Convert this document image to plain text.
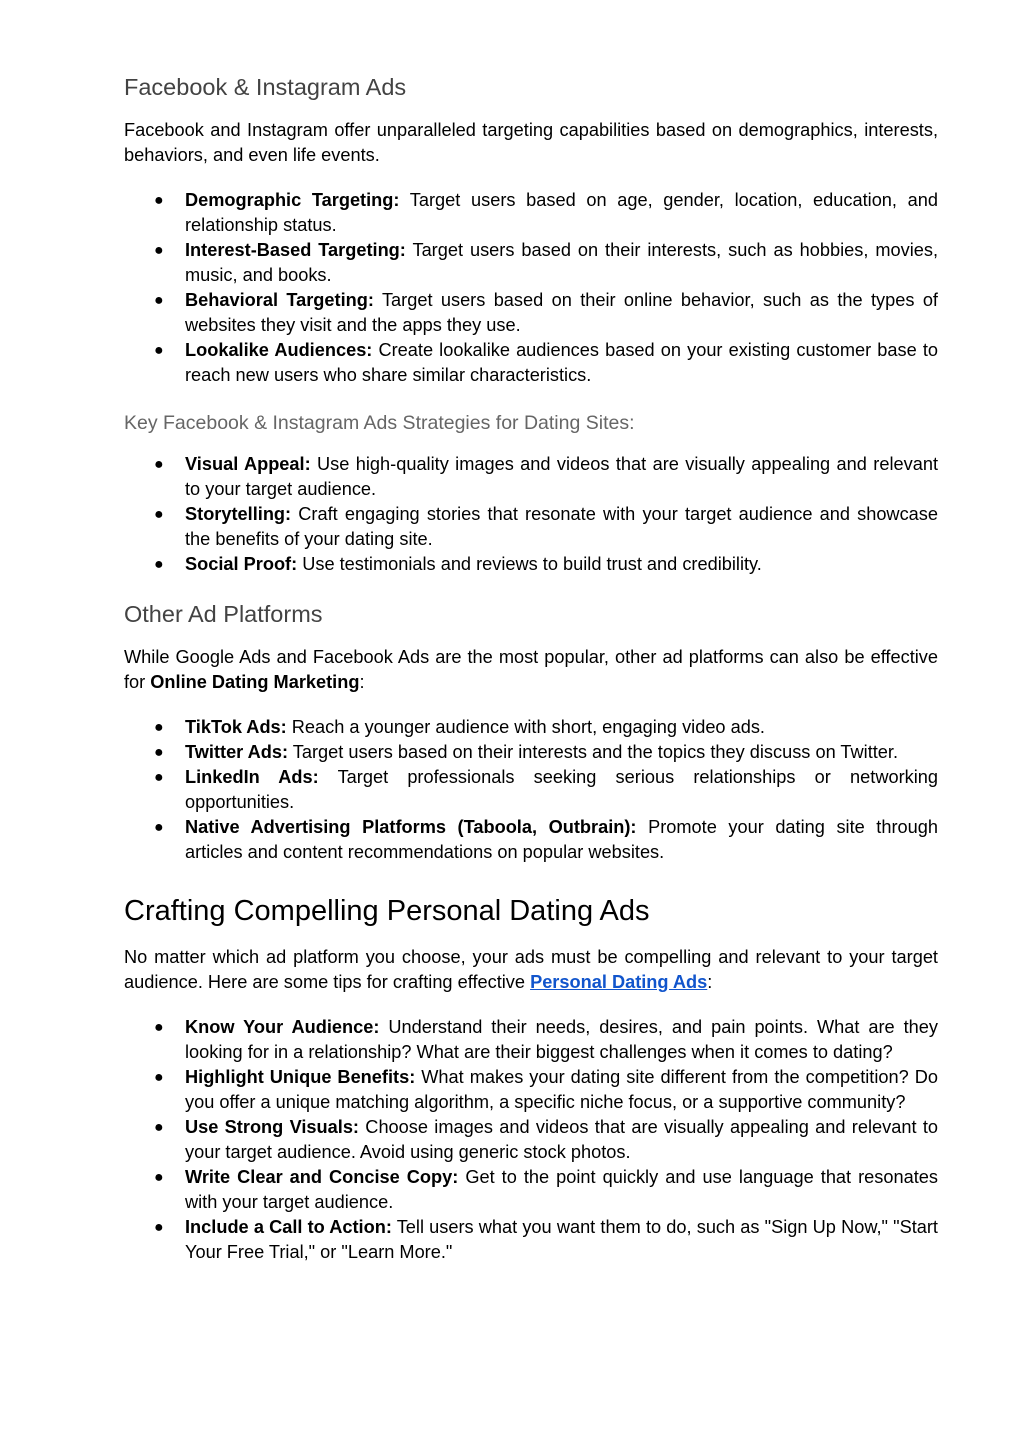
Facebook & Instagram Ads

Facebook and Instagram offer unparalleled targeting capabilities based on demographics, interests, behaviors, and even life events.

● Demographic Targeting: Target users based on age, gender, location, education, and relationship status.
● Interest-Based Targeting: Target users based on their interests, such as hobbies, movies, music, and books.
● Behavioral Targeting: Target users based on their online behavior, such as the types of websites they visit and the apps they use.
● Lookalike Audiences: Create lookalike audiences based on your existing customer base to reach new users who share similar characteristics.
Key Facebook & Instagram Ads Strategies for Dating Sites:
● Visual Appeal: Use high-quality images and videos that are visually appealing and relevant to your target audience.
● Storytelling: Craft engaging stories that resonate with your target audience and showcase the benefits of your dating site.
● Social Proof: Use testimonials and reviews to build trust and credibility.
Other Ad Platforms

While Google Ads and Facebook Ads are the most popular, other ad platforms can also be effective for Online Dating Marketing:

● TikTok Ads: Reach a younger audience with short, engaging video ads.
● Twitter Ads: Target users based on their interests and the topics they discuss on Twitter.
● LinkedIn Ads: Target professionals seeking serious relationships or networking opportunities.
● Native Advertising Platforms (Taboola, Outbrain): Promote your dating site through articles and content recommendations on popular websites.
Crafting Compelling Personal Dating Ads

No matter which ad platform you choose, your ads must be compelling and relevant to your target audience. Here are some tips for crafting effective Personal Dating Ads:

● Know Your Audience: Understand their needs, desires, and pain points. What are they looking for in a relationship? What are their biggest challenges when it comes to dating?
● Highlight Unique Benefits: What makes your dating site different from the competition? Do you offer a unique matching algorithm, a specific niche focus, or a supportive community?
● Use Strong Visuals: Choose images and videos that are visually appealing and relevant to your target audience. Avoid using generic stock photos.
● Write Clear and Concise Copy: Get to the point quickly and use language that resonates with your target audience.
● Include a Call to Action: Tell users what you want them to do, such as "Sign Up Now," "Start Your Free Trial," or "Learn More."
